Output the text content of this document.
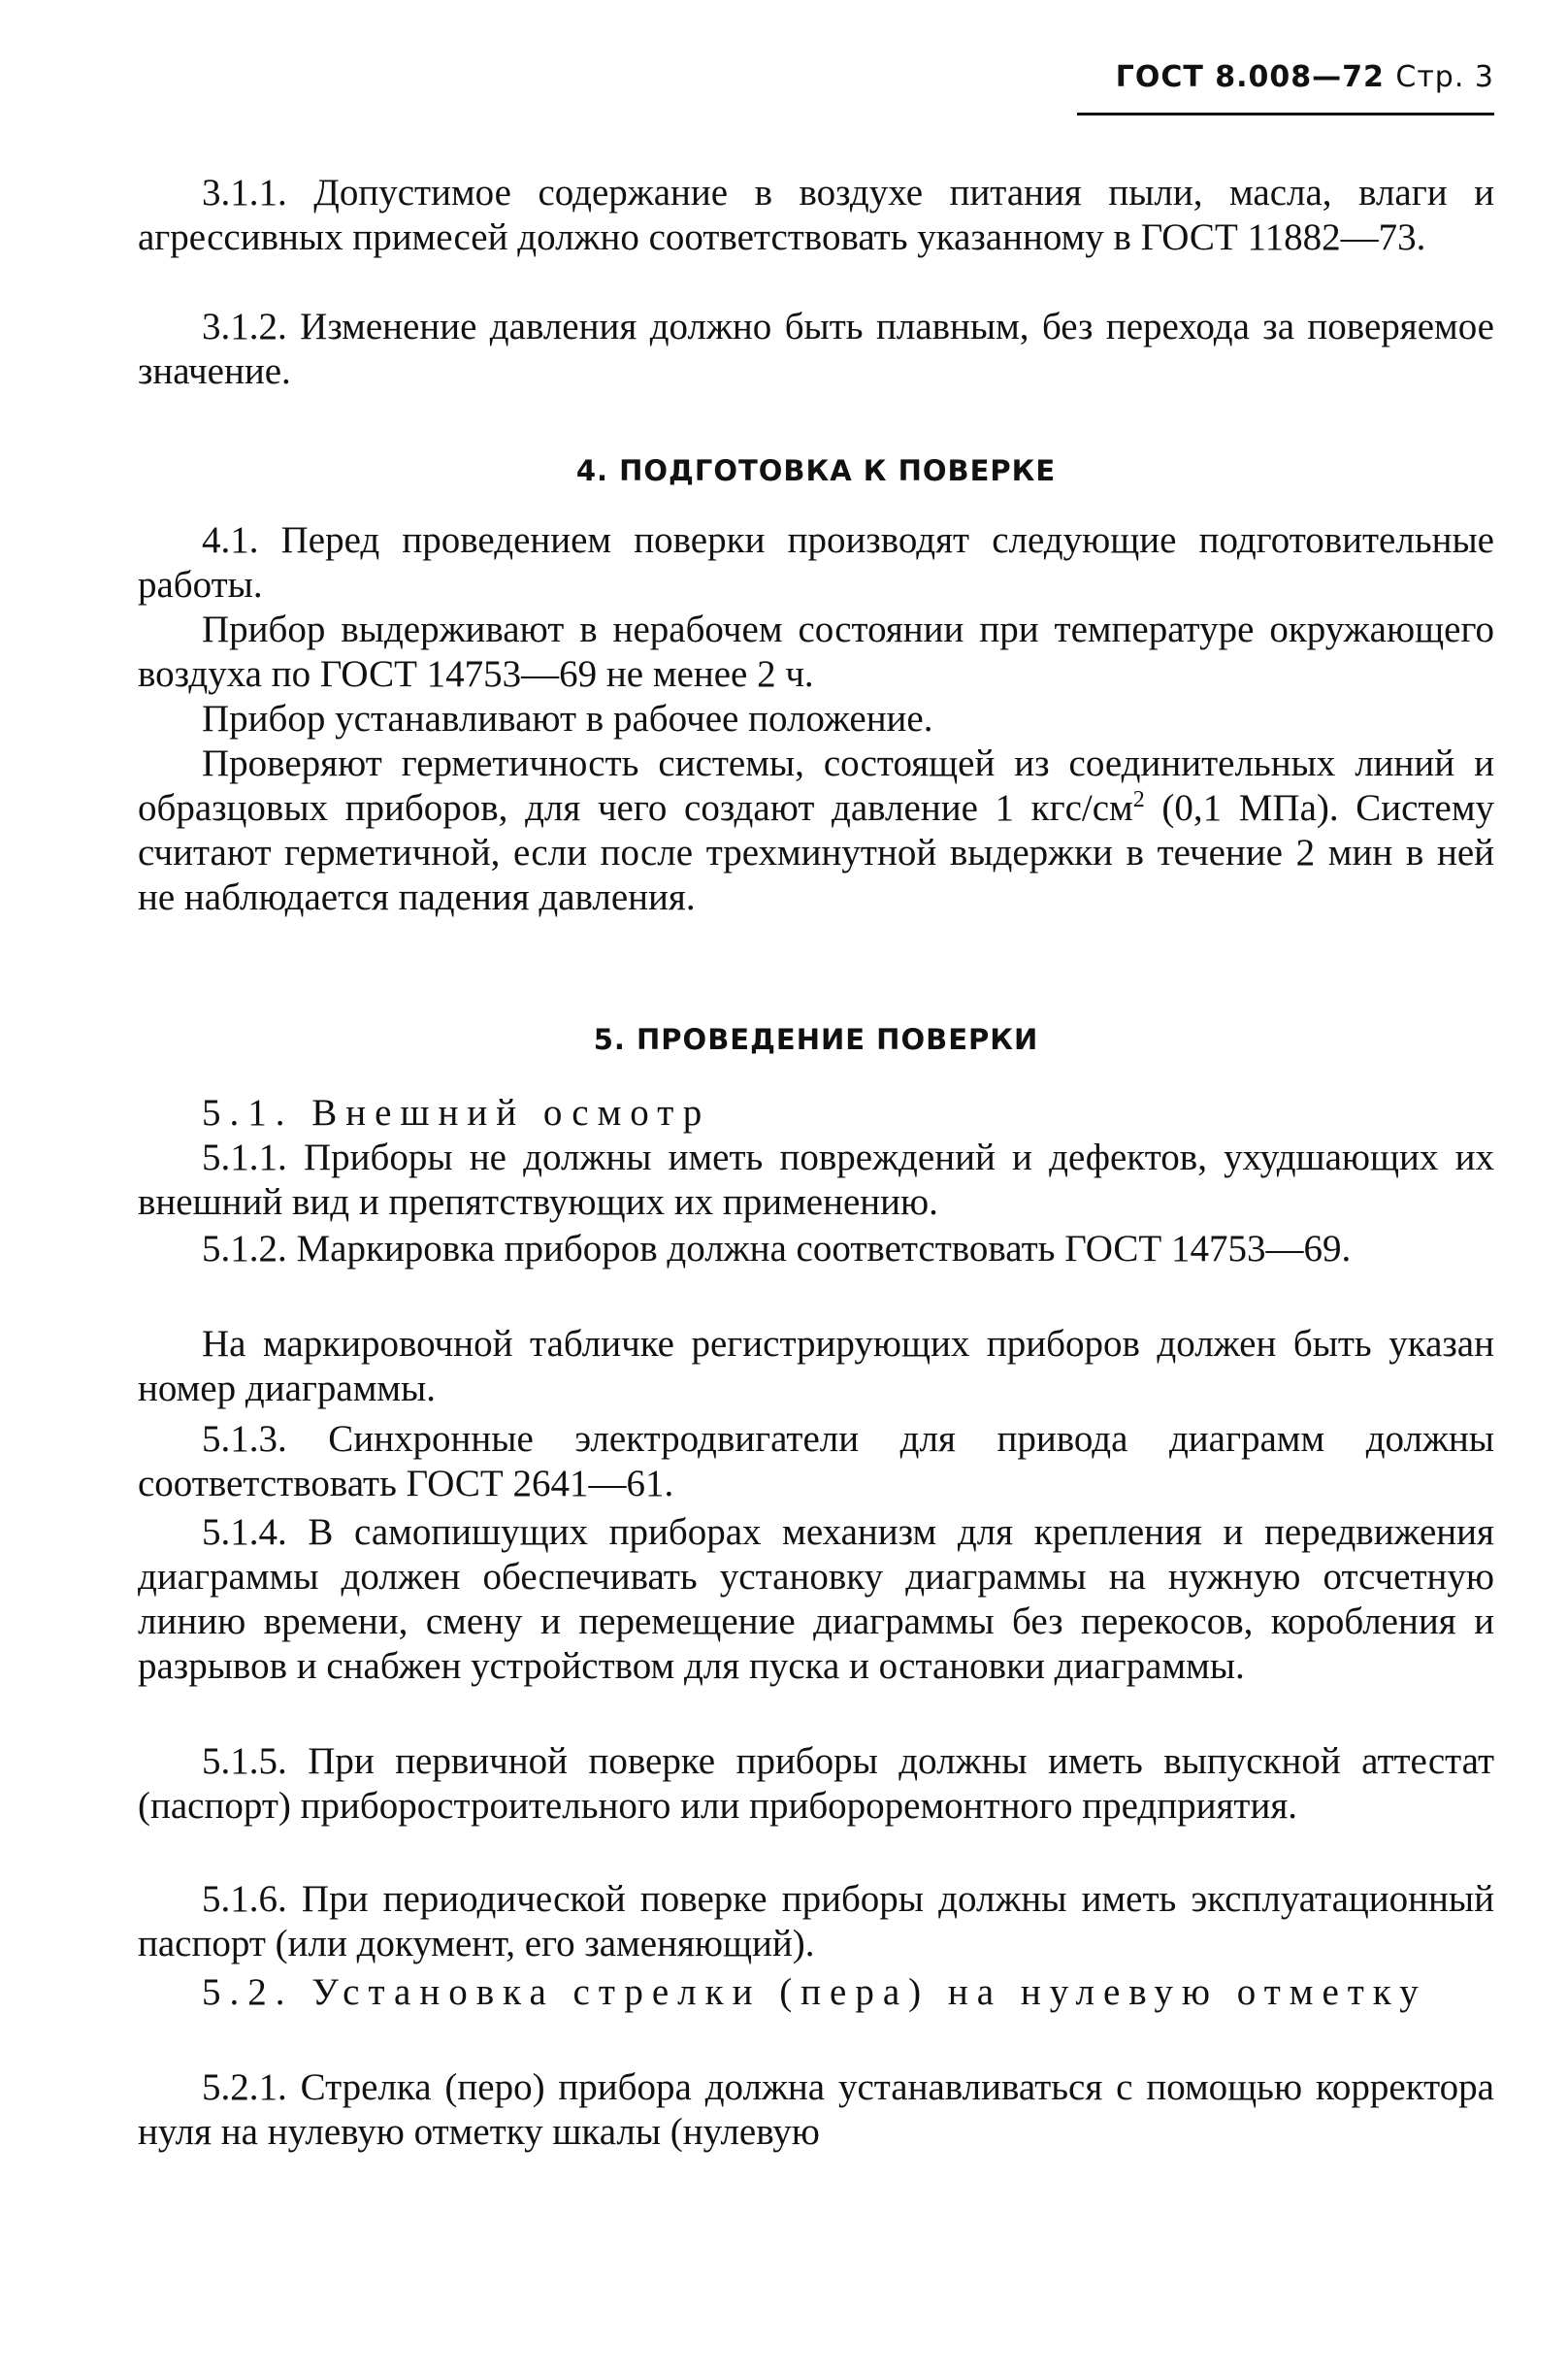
ГОСТ 8.008—72 Стр. 3

3.1.1. Допустимое содержание в воздухе питания пыли, масла, влаги и агрессивных примесей должно соответствовать указанному в ГОСТ 11882—73.

3.1.2. Изменение давления должно быть плавным, без перехода за поверяемое значение.

4. ПОДГОТОВКА К ПОВЕРКЕ

4.1. Перед проведением поверки производят следующие подготовительные работы.

Прибор выдерживают в нерабочем состоянии при температуре окружающего воздуха по ГОСТ 14753—69 не менее 2 ч.

Прибор устанавливают в рабочее положение.

Проверяют герметичность системы, состоящей из соединительных линий и образцовых приборов, для чего создают давление 1 кгс/$см^2$ (0,1 МПа). Систему считают герметичной, если после трехминутной выдержки в течение 2 мин в ней не наблюдается падения давления.

5. ПРОВЕДЕНИЕ ПОВЕРКИ

5.1. Внешний осмотр

5.1.1. Приборы не должны иметь повреждений и дефектов, ухудшающих их внешний вид и препятствующих их применению.

5.1.2. Маркировка приборов должна соответствовать ГОСТ 14753—69.

На маркировочной табличке регистрирующих приборов должен быть указан номер диаграммы.

5.1.3. Синхронные электродвигатели для привода диаграмм должны соответствовать ГОСТ 2641—61.

5.1.4. В самопишущих приборах механизм для крепления и передвижения диаграммы должен обеспечивать установку диаграммы на нужную отсчетную линию времени, смену и перемещение диаграммы без перекосов, коробления и разрывов и снабжен устройством для пуска и остановки диаграммы.

5.1.5. При первичной поверке приборы должны иметь выпускной аттестат (паспорт) приборостроительного или прибороремонтного предприятия.

5.1.6. При периодической поверке приборы должны иметь эксплуатационный паспорт (или документ, его заменяющий).

5.2. Установка стрелки (пера) на нулевую отметку

5.2.1. Стрелка (перо) прибора должна устанавливаться с помощью корректора нуля на нулевую отметку шкалы (нулевую
